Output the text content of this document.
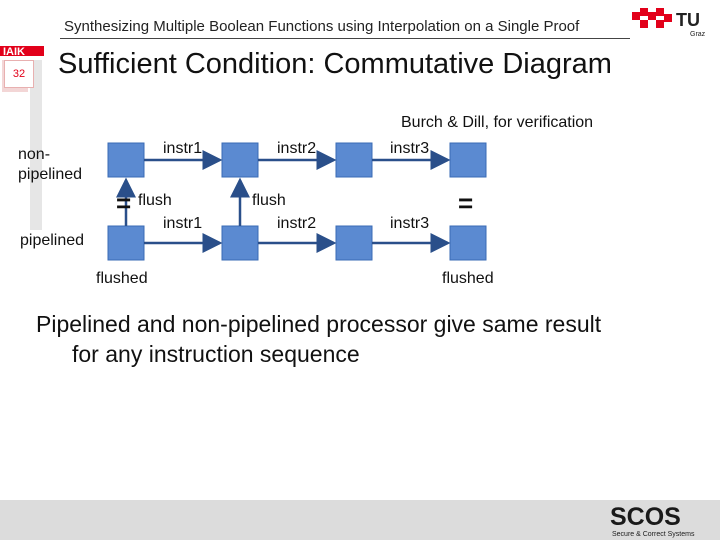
Synthesizing Multiple Boolean Functions using Interpolation on a Single Proof	TU
Graz
IAIK
32	Sufficient Condition: Commutative Diagram
non-
pipelined
pipelined
Burch & Dill, for verification
instr1	instr2	instr3
flush
instr1
flush
instr2	instr3
=	=
flushed	flushed
Pipelined and non-pipelined processor give same result
for any instruction sequence
SCOS
Secure & Correct Systems
